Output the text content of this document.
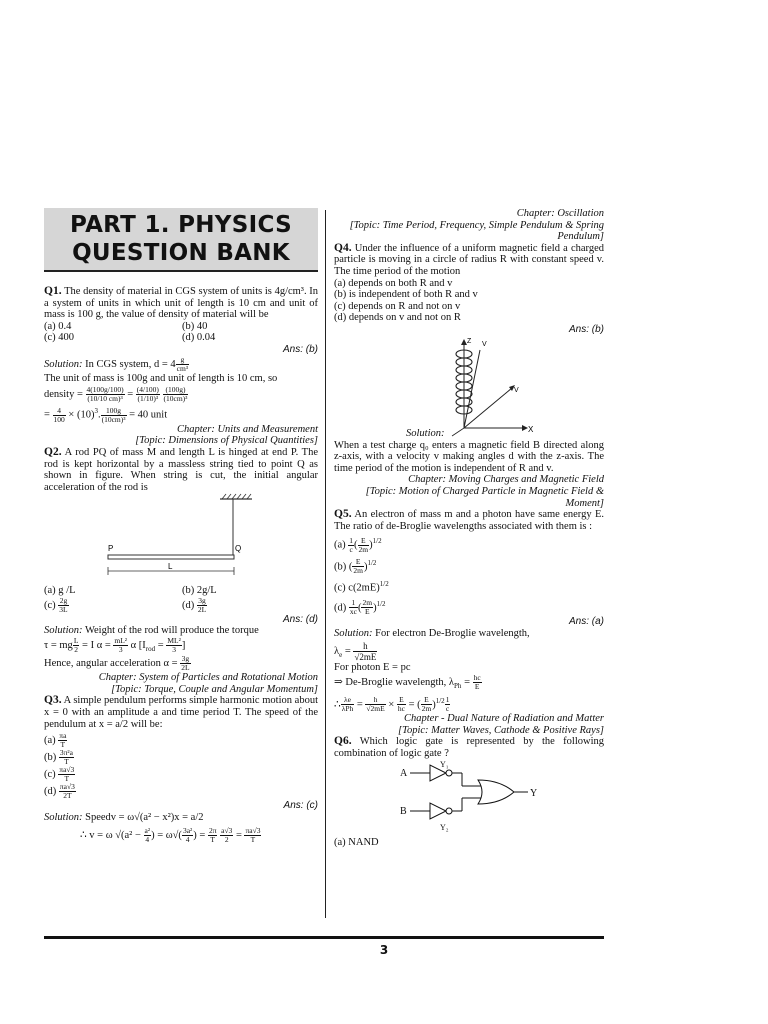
PART 1. PHYSICS
QUESTION BANK
Q1. The density of material in CGS system of units is 4g/cm³. In a system of units in which unit of length is 10 cm and unit of mass is 100 g, the value of density of material will be
(a) 0.4	(b) 40
(c) 400	(d) 0.04
Ans: (b)
Solution: In CGS system, $d = 4 \frac{g}{\text{cm³}}$
The unit of mass is 100g and unit of length is 10 cm, so
density = $\frac{4(100g/100)}{\text{(10/10 cm)³}} = \frac{(4/100)}{\text{(1/10)³}}$
$\frac{(100g)}{\text{(10cm)³}}$
= $\frac{4}{100} \times (10)^3$. $\frac{100g}{\text{(10cm)³}} = 40$ unit
Chapter: Units and Measurement
[Topic: Dimensions of Physical Quantities]
Q2. A rod PQ of mass M and length L is hinged at end P. The rod is kept horizontal by a massless string tied to point Q as shown in figure. When string is cut, the initial angular acceleration of the rod is
P	Q
L
(a) g /L	(b) 2g/L
$(c) \frac{2g}{3L}$	$(d) \frac{3g}{2L}$
Ans: (d)
Solution: Weight of the rod will produce the torque
τ = mg $\frac{L}{2} = I$ $\alpha = \frac{\text{mL²}}{3}$ α [$I_{rod} = \frac{\text{ML²}}{3}$ ]
Hence, angular acceleration $\alpha = \frac{3g}{2L}$
Chapter: System of Particles and Rotational Motion
[Topic: Torque, Couple and Angular Momentum]
Q3. A simple pendulum performs simple harmonic motion about x = 0 with an amplitude a and time period T. The speed of the pendulum at x = a/2 will be:
$(a) \frac{\pi a}{T}$
$(b) \frac{\text{3π²a}}{T}$
$(c) \frac{\pi a√3}{T}$
$(d) \frac{\pi a√3}{2T}$
Ans: (c)
Solution: Speedv = ω√(a² − x²)x = a/2
∴ v = ω $√(a^2 - \frac{\text{a²}}{4}$ ) = $\omega√( \frac{\text{3a²}}{4}$ ) = $\frac{2\pi}{T}$
$\frac{a√3}{2} = \frac{\pi a√3}{T}$
Chapter: Oscillation
[Topic: Time Period, Frequency, Simple Pendulum & Spring Pendulum]
Q4. Under the influence of a uniform magnetic field a charged particle is moving in a circle of radius R with constant speed v. The time period of the motion
(a) depends on both R and v
(b) is independent of both R and v
(c) depends on R and not on v
(d) depends on v and not on R
Ans: (b)
Z V
V
X
Solution:
When a test charge q₀ enters a magnetic field B directed along z-axis, with a velocity v making angles d with the z-axis. The time period of the motion is independent of R and v.
Chapter: Moving Charges and Magnetic Field
[Topic: Motion of Charged Particle in Magnetic Field & Moment]
Q5. An electron of mass m and a photon have same energy E. The ratio of de-Broglie wavelengths associated with them is :
$(a) \frac{1}{c}$ ( $\frac{E}{2m} )^{1/2}$
(b) ( $\frac{E}{2m} )^{1/2}$
(c) $c(2mE)^{1/2}$
$(d) \frac{1}{xc}$ ( $\frac{2m}{E} )^{1/2}$
Ans: (a)
Solution: For electron De-Broglie wavelength,
$\lambda_e = \frac{h}{√2mE}$
For photon E = pc
⇒ De-Broglie wavelength, $\lambda_{Ph} = \frac{hc}{E}$
∴ $\frac{\lambda e}{\text{λPh}} = \frac{h}{√2mE} \times \frac{E}{hc}$ = ( $\frac{E}{2m} )^{1/2} \frac{1}{c}$
Chapter - Dual Nature of Radiation and Matter
[Topic: Matter Waves, Cathode & Positive Rays]
Q6. Which logic gate is represented by the following combination of logic gate ?
A
B
Y
Y₁
Y₂
(a) NAND
3
